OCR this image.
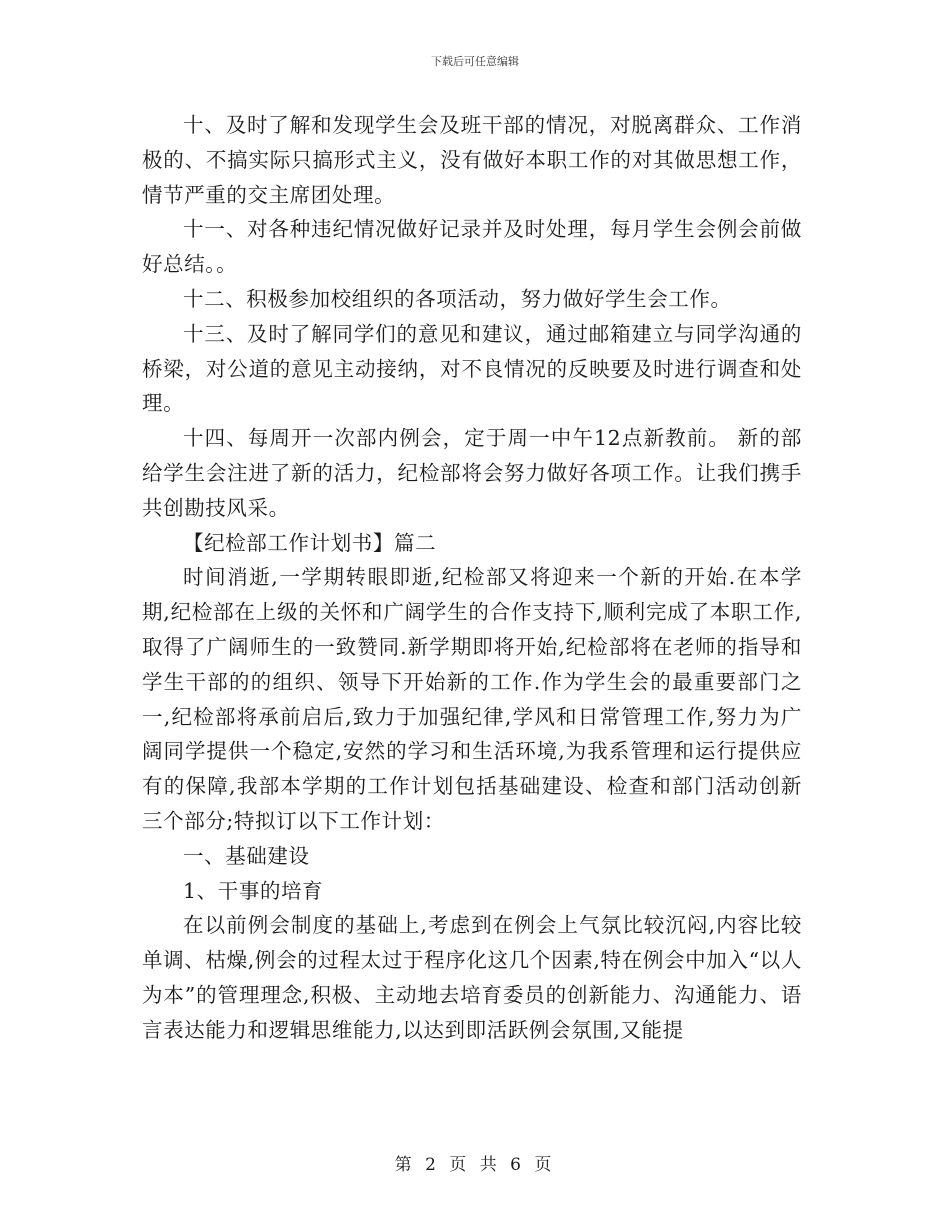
下载后可任意编辑

十、及时了解和发现学生会及班干部的情况，对脱离群众、工作消极的、不搞实际只搞形式主义，没有做好本职工作的对其做思想工作，情节严重的交主席团处理。

十一、对各种违纪情况做好记录并及时处理，每月学生会例会前做好总结。。

十二、积极参加校组织的各项活动，努力做好学生会工作。

十三、及时了解同学们的意见和建议，通过邮箱建立与同学沟通的桥梁，对公道的意见主动接纳，对不良情况的反映要及时进行调查和处理。

十四、每周开一次部内例会，定于周一中午12点新教前。 新的部给学生会注进了新的活力，纪检部将会努力做好各项工作。让我们携手共创勘技风采。

【纪检部工作计划书】篇二

时间消逝,一学期转眼即逝,纪检部又将迎来一个新的开始.在本学期,纪检部在上级的关怀和广阔学生的合作支持下,顺利完成了本职工作,取得了广阔师生的一致赞同.新学期即将开始,纪检部将在老师的指导和学生干部的的组织、领导下开始新的工作.作为学生会的最重要部门之一,纪检部将承前启后,致力于加强纪律,学风和日常管理工作,努力为广阔同学提供一个稳定,安然的学习和生活环境,为我系管理和运行提供应有的保障,我部本学期的工作计划包括基础建设、检查和部门活动创新三个部分;特拟订以下工作计划：

一、基础建设

1、干事的培育

在以前例会制度的基础上,考虑到在例会上气氛比较沉闷,内容比较单调、枯燥,例会的过程太过于程序化这几个因素,特在例会中加入“以人为本”的管理理念,积极、主动地去培育委员的创新能力、沟通能力、语言表达能力和逻辑思维能力,以达到即活跃例会氛围,又能提

第 2 页 共 6 页
